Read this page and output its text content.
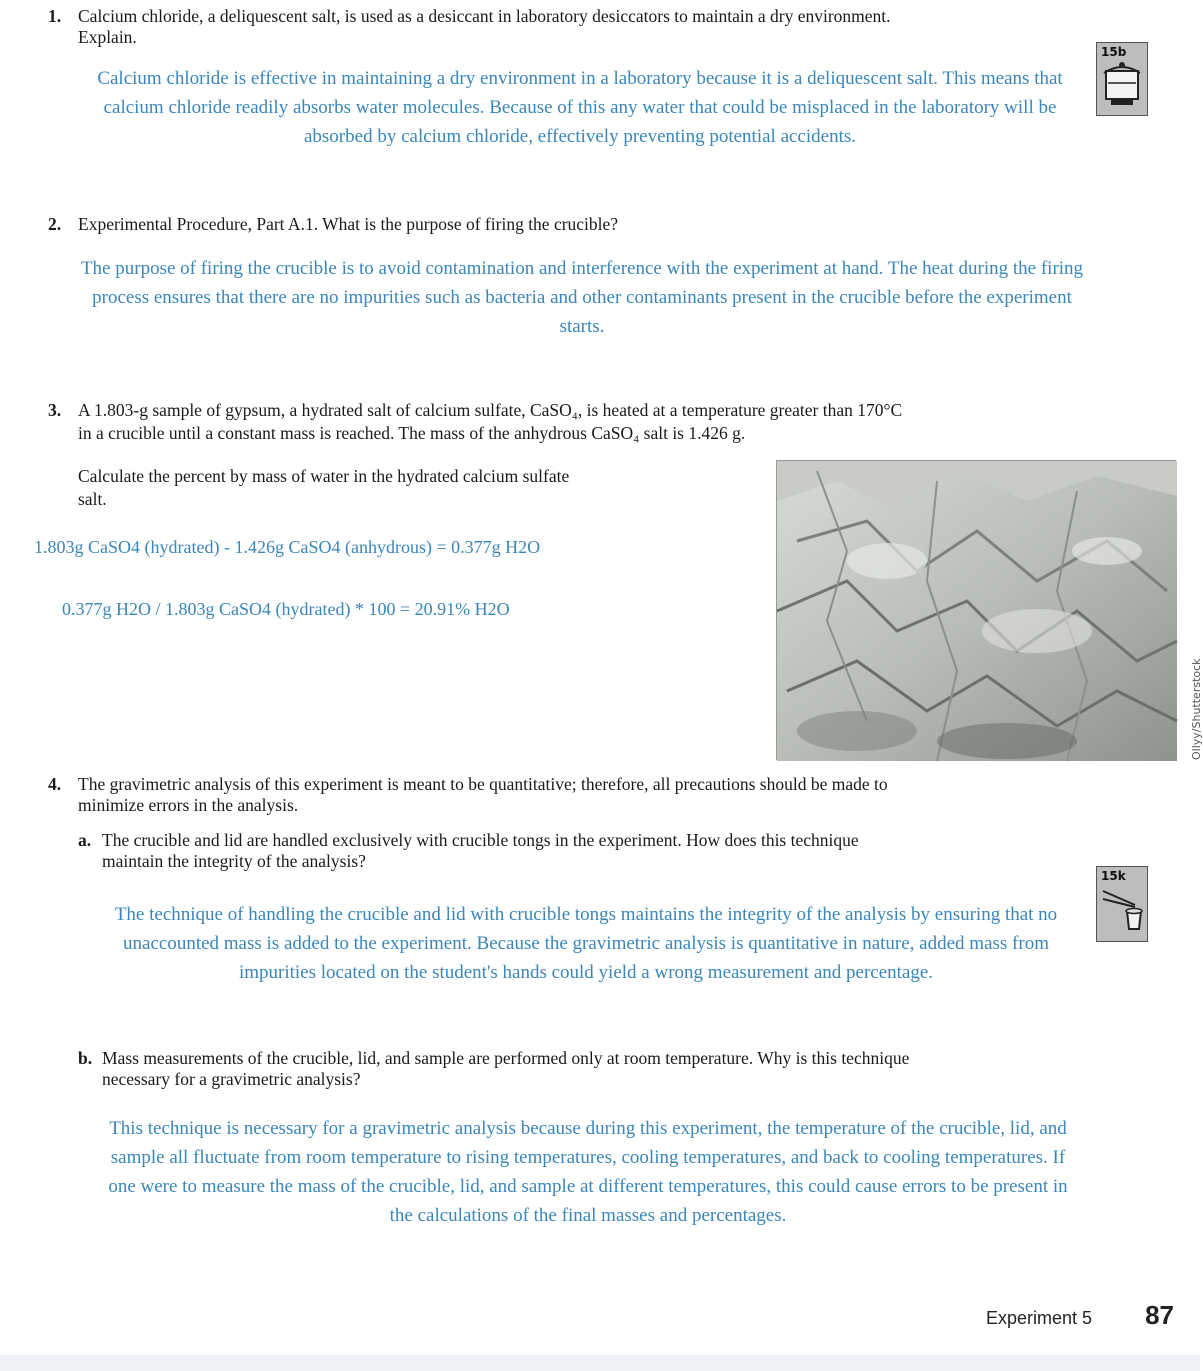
1. Calcium chloride, a deliquescent salt, is used as a desiccant in laboratory desiccators to maintain a dry environment.
Explain.
15b
Calcium chloride is effective in maintaining a dry environment in a laboratory because it is a deliquescent salt. This means that calcium chloride readily absorbs water molecules. Because of this any water that could be misplaced in the laboratory will be absorbed by calcium chloride, effectively preventing potential accidents.
2. Experimental Procedure, Part A.1. What is the purpose of firing the crucible?
The purpose of firing the crucible is to avoid contamination and interference with the experiment at hand. The heat during the firing process ensures that there are no impurities such as bacteria and other contaminants present in the crucible before the experiment starts.
3. A 1.803-g sample of gypsum, a hydrated salt of calcium sulfate, CaSO₄, is heated at a temperature greater than 170°C
in a crucible until a constant mass is reached. The mass of the anhydrous CaSO₄ salt is 1.426 g.
Calculate the percent by mass of water in the hydrated calcium sulfate
salt.
1.803g CaSO4 (hydrated) - 1.426g CaSO4 (anhydrous) = 0.377g H2O
0.377g H2O / 1.803g CaSO4 (hydrated) * 100 = 20.91% H2O
Ollyy/Shutterstock
4. The gravimetric analysis of this experiment is meant to be quantitative; therefore, all precautions should be made to
minimize errors in the analysis.
a. The crucible and lid are handled exclusively with crucible tongs in the experiment. How does this technique
maintain the integrity of the analysis?
15k
The technique of handling the crucible and lid with crucible tongs maintains the integrity of the analysis by ensuring that no unaccounted mass is added to the experiment. Because the gravimetric analysis is quantitative in nature, added mass from impurities located on the student's hands could yield a wrong measurement and percentage.
b. Mass measurements of the crucible, lid, and sample are performed only at room temperature. Why is this technique
necessary for a gravimetric analysis?
This technique is necessary for a gravimetric analysis because during this experiment, the temperature of the crucible, lid, and sample all fluctuate from room temperature to rising temperatures, cooling temperatures, and back to cooling temperatures. If one were to measure the mass of the crucible, lid, and sample at different temperatures, this could cause errors to be present in the calculations of the final masses and percentages.
Experiment 5 87
